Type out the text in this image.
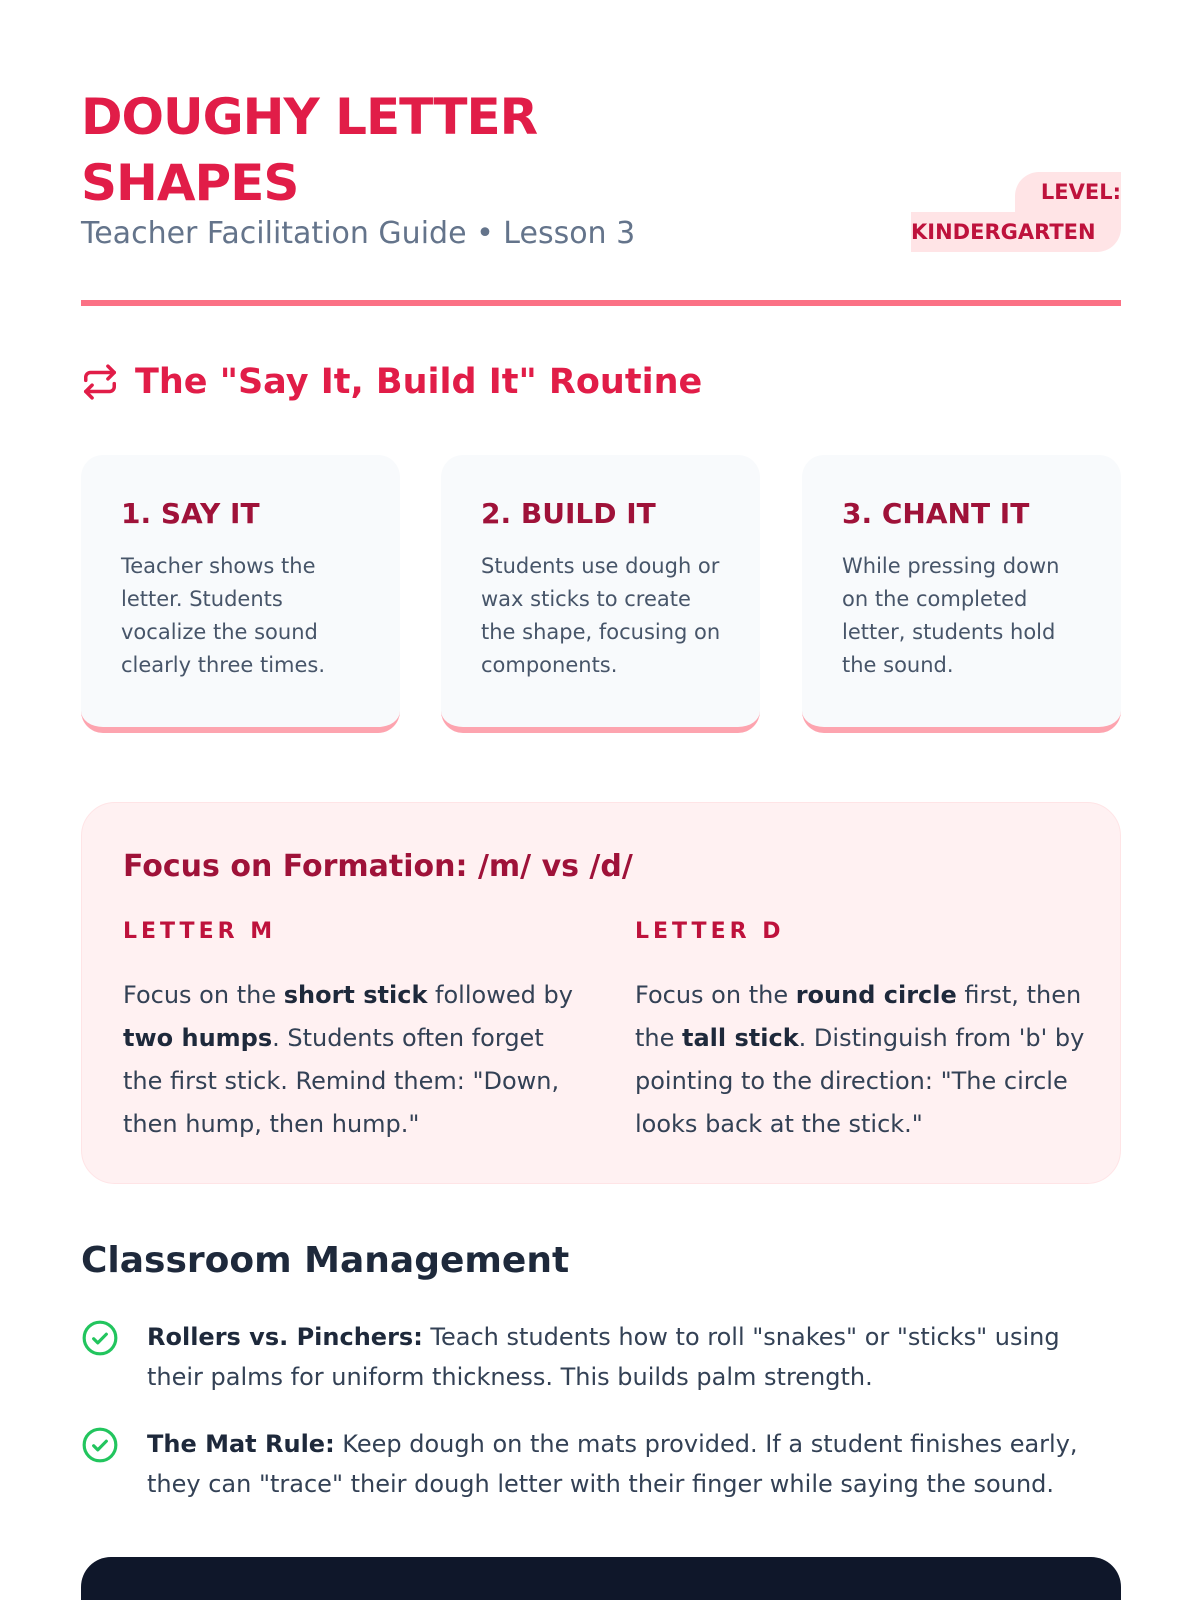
DOUGHY LETTER
SHAPES
Teacher Facilitation Guide • Lesson 3
LEVEL:
KINDERGARTEN
The "Say It, Build It" Routine
1. SAY IT
Teacher shows the letter. Students vocalize the sound clearly three times.
2. BUILD IT
Students use dough or wax sticks to create the shape, focusing on components.
3. CHANT IT
While pressing down on the completed letter, students hold the sound.
Focus on Formation: /m/ vs /d/
LETTER M

Focus on the short stick followed by two humps. Students often forget the first stick. Remind them: "Down, then hump, then hump."

LETTER D

Focus on the round circle first, then the tall stick. Distinguish from 'b' by pointing to the direction: "The circle looks back at the stick."

Classroom Management

Rollers vs. Pinchers: Teach students how to roll "snakes" or "sticks" using their palms for uniform thickness. This builds palm strength.

The Mat Rule: Keep dough on the mats provided. If a student finishes early, they can "trace" their dough letter with their finger while saying the sound.
